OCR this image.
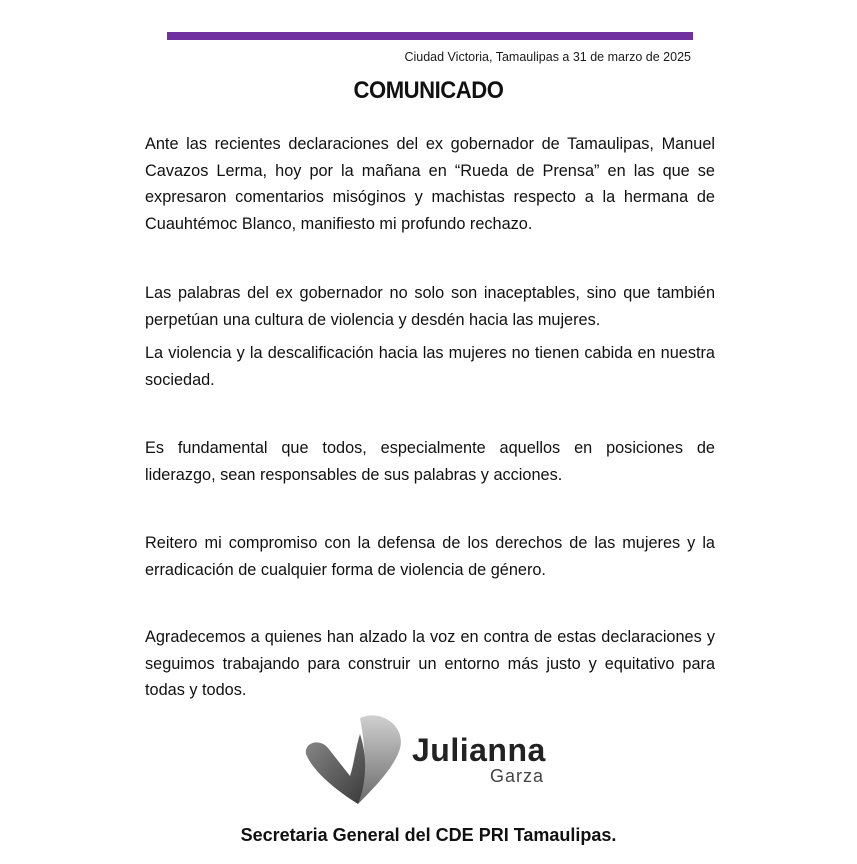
Ciudad Victoria, Tamaulipas a 31 de marzo de 2025
COMUNICADO

Ante las recientes declaraciones del ex gobernador de Tamaulipas, Manuel Cavazos Lerma, hoy por la mañana en “Rueda de Prensa” en las que se expresaron comentarios misóginos y machistas respecto a la hermana de Cuauhtémoc Blanco, manifiesto mi profundo rechazo.

Las palabras del ex gobernador no solo son inaceptables, sino que también perpetúan una cultura de violencia y desdén hacia las mujeres.

La violencia y la descalificación hacia las mujeres no tienen cabida en nuestra sociedad.

Es fundamental que todos, especialmente aquellos en posiciones de liderazgo, sean responsables de sus palabras y acciones.

Reitero mi compromiso con la defensa de los derechos de las mujeres y la erradicación de cualquier forma de violencia de género.

Agradecemos a quienes han alzado la voz en contra de estas declaraciones y seguimos trabajando para construir un entorno más justo y equitativo para todas y todos.

Julianna
Garza
Secretaria General del CDE PRI Tamaulipas.
